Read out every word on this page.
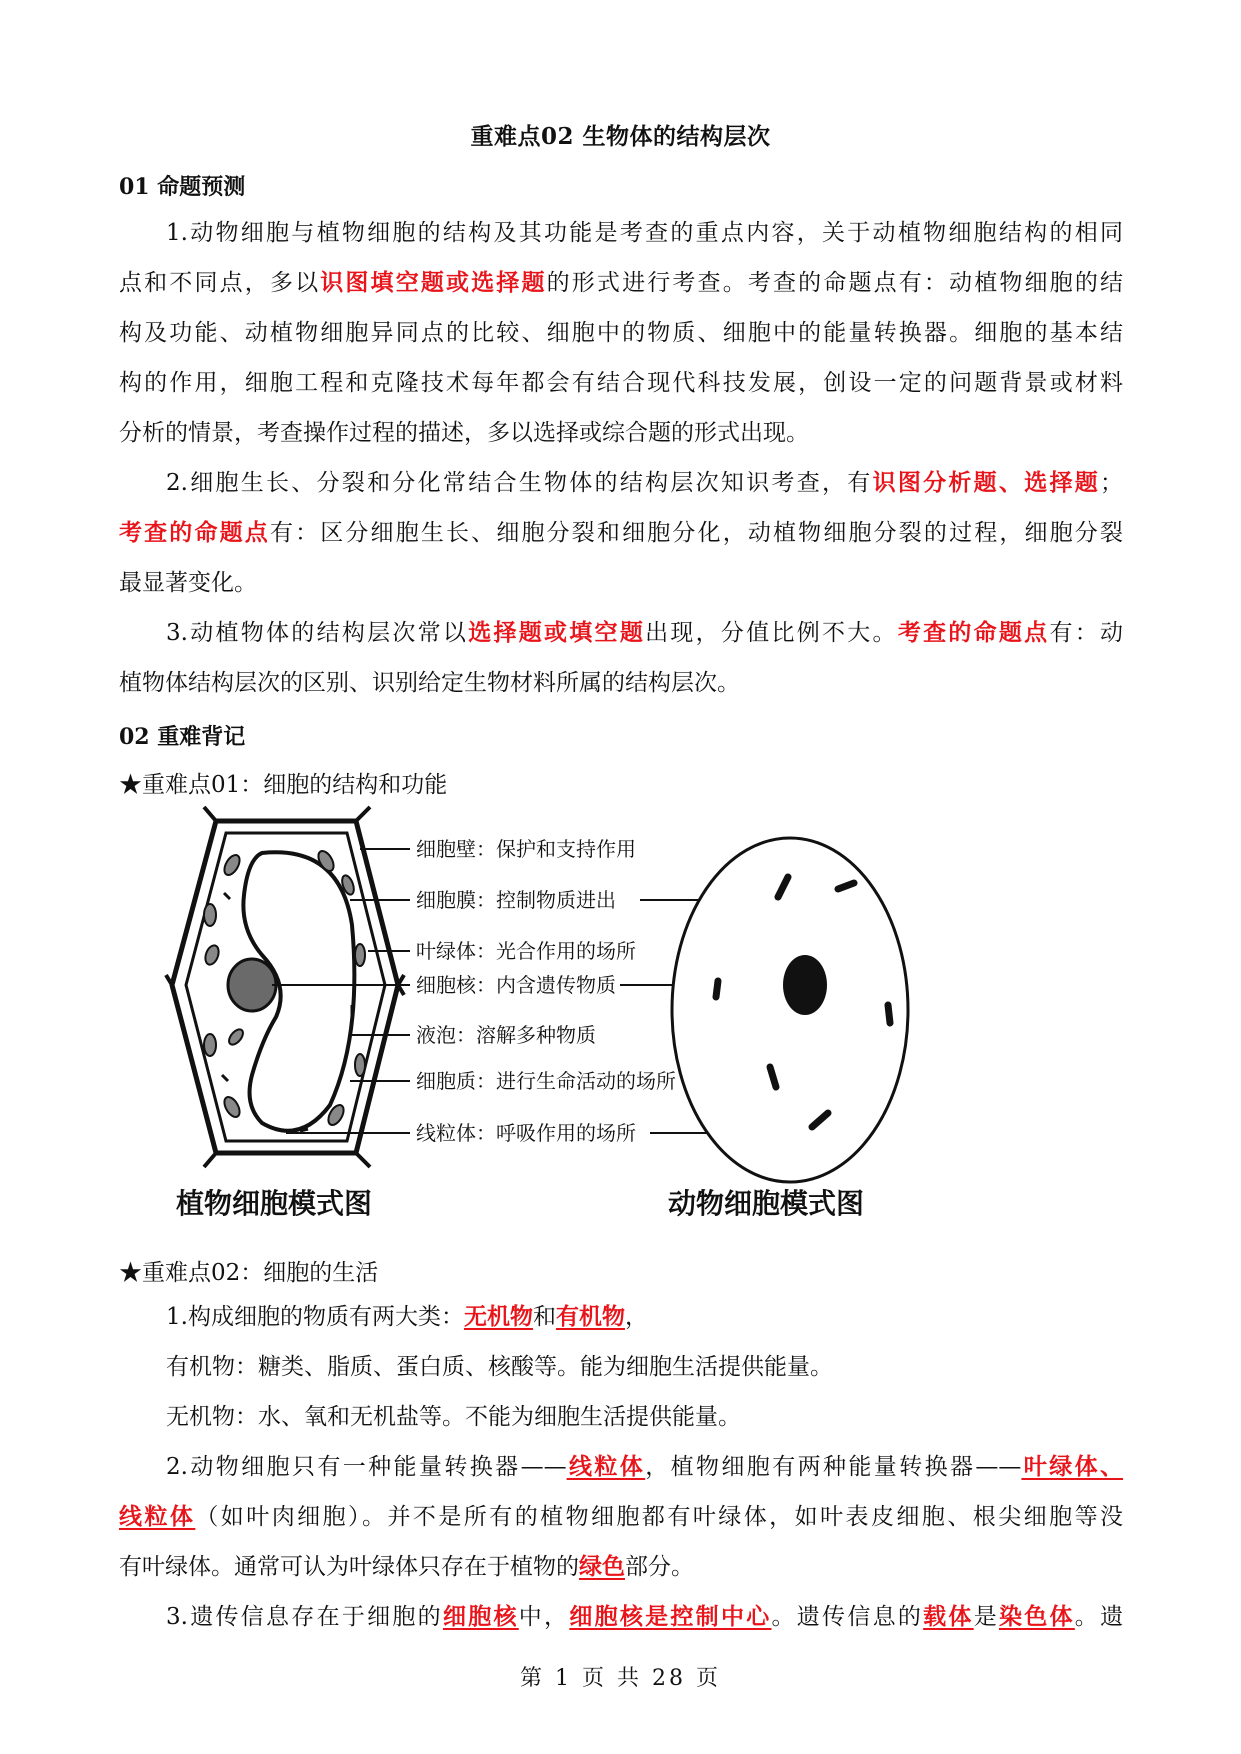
重难点02 生物体的结构层次
01 命题预测
1.动物细胞与植物细胞的结构及其功能是考查的重点内容，关于动植物细胞结构的相同
点和不同点，多以识图填空题或选择题的形式进行考查。考查的命题点有：动植物细胞的结
构及功能、动植物细胞异同点的比较、细胞中的物质、细胞中的能量转换器。细胞的基本结
构的作用，细胞工程和克隆技术每年都会有结合现代科技发展，创设一定的问题背景或材料
分析的情景，考查操作过程的描述，多以选择或综合题的形式出现。
2.细胞生长、分裂和分化常结合生物体的结构层次知识考查，有识图分析题、选择题；
考查的命题点有：区分细胞生长、细胞分裂和细胞分化，动植物细胞分裂的过程，细胞分裂
最显著变化。
3.动植物体的结构层次常以选择题或填空题出现，分值比例不大。考查的命题点有：动
植物体结构层次的区别、识别给定生物材料所属的结构层次。
02 重难背记
★重难点01：细胞的结构和功能
细胞壁：保护和支持作用
细胞膜：控制物质进出
叶绿体：光合作用的场所
细胞核：内含遗传物质
液泡：溶解多种物质
细胞质：进行生命活动的场所
线粒体：呼吸作用的场所
植物细胞模式图	动物细胞模式图
★重难点02：细胞的生活
1.构成细胞的物质有两大类：无机物和有机物，
有机物：糖类、脂质、蛋白质、核酸等。能为细胞生活提供能量。
无机物：水、氧和无机盐等。不能为细胞生活提供能量。
2.动物细胞只有一种能量转换器——线粒体，植物细胞有两种能量转换器——叶绿体、
线粒体（如叶肉细胞）。并不是所有的植物细胞都有叶绿体，如叶表皮细胞、根尖细胞等没
有叶绿体。通常可认为叶绿体只存在于植物的绿色部分。
3.遗传信息存在于细胞的细胞核中，细胞核是控制中心。遗传信息的载体是染色体。遗
第 1 页 共 28 页
